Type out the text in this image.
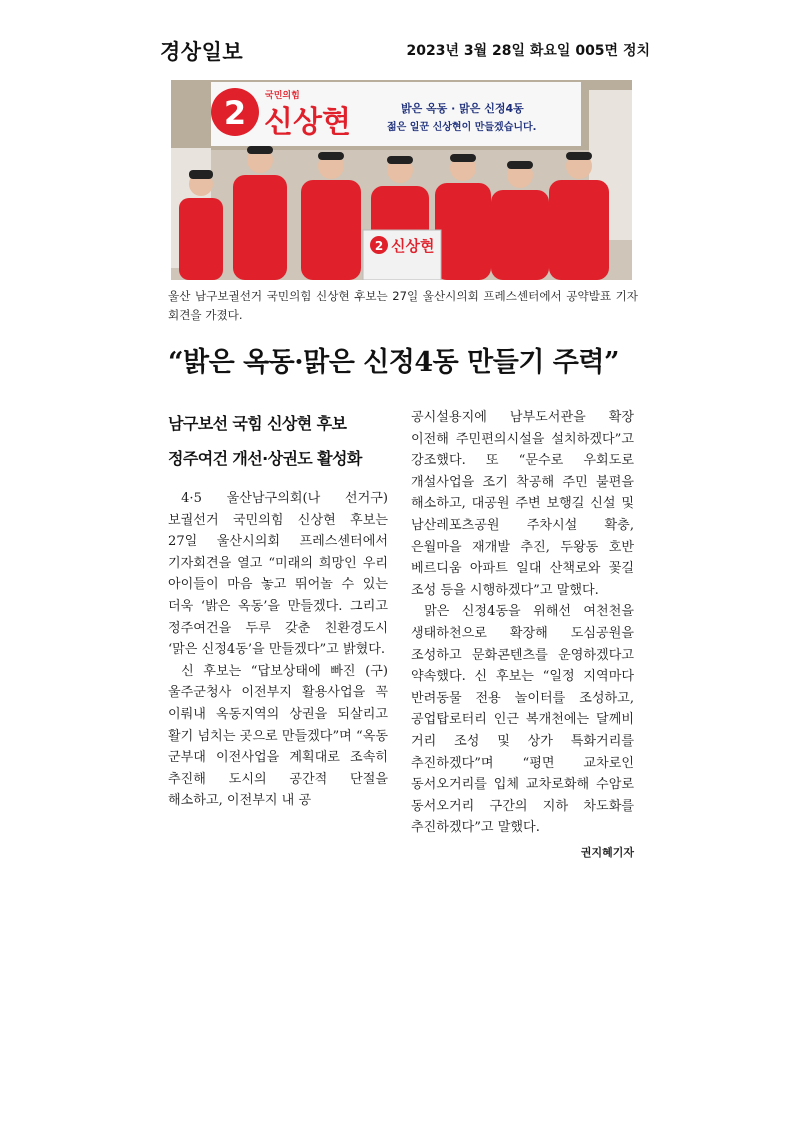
경상일보	2023년 3월 28일 화요일 005면 정치
2 국민의힘
신상현	밝은 옥동 · 맑은 신정4동
젊은 일꾼 신상현이 만들겠습니다.
2 신상현
울산 남구보궐선거 국민의힘 신상현 후보는 27일 울산시의회 프레스센터에서 공약발표 기자회견을 가졌다.
“밝은 옥동·맑은 신정4동 만들기 주력”
남구보선 국힘 신상현 후보
정주여건 개선·상권도 활성화

4·5 울산남구의회(나 선거구) 보궐선거 국민의힘 신상현 후보는 27일 울산시의회 프레스센터에서 기자회견을 열고 “미래의 희망인 우리 아이들이 마음 놓고 뛰어놀 수 있는 더욱 ‘밝은 옥동’을 만들겠다. 그리고 정주여건을 두루 갖춘 친환경도시 ‘맑은 신정4동’을 만들겠다”고 밝혔다.

신 후보는 “답보상태에 빠진 (구)울주군청사 이전부지 활용사업을 꼭 이뤄내 옥동지역의 상권을 되살리고 활기 넘치는 곳으로 만들겠다”며 “옥동 군부대 이전사업을 계획대로 조속히 추진해 도시의 공간적 단절을 해소하고, 이전부지 내 공

공시설용지에 남부도서관을 확장 이전해 주민편의시설을 설치하겠다”고 강조했다. 또 “문수로 우회도로 개설사업을 조기 착공해 주민 불편을 해소하고, 대공원 주변 보행길 신설 및 남산레포츠공원 주차시설 확충, 은월마을 재개발 추진, 두왕동 호반 베르디움 아파트 일대 산책로와 꽃길 조성 등을 시행하겠다”고 말했다.

맑은 신정4동을 위해선 여천천을 생태하천으로 확장해 도심공원을 조성하고 문화콘텐츠를 운영하겠다고 약속했다. 신 후보는 “일정 지역마다 반려동물 전용 놀이터를 조성하고, 공업탑로터리 인근 복개천에는 달께비 거리 조성 및 상가 특화거리를 추진하겠다”며 “평면 교차로인 동서오거리를 입체 교차로화해 수암로 동서오거리 구간의 지하 차도화를 추진하겠다”고 말했다.

권지혜기자
